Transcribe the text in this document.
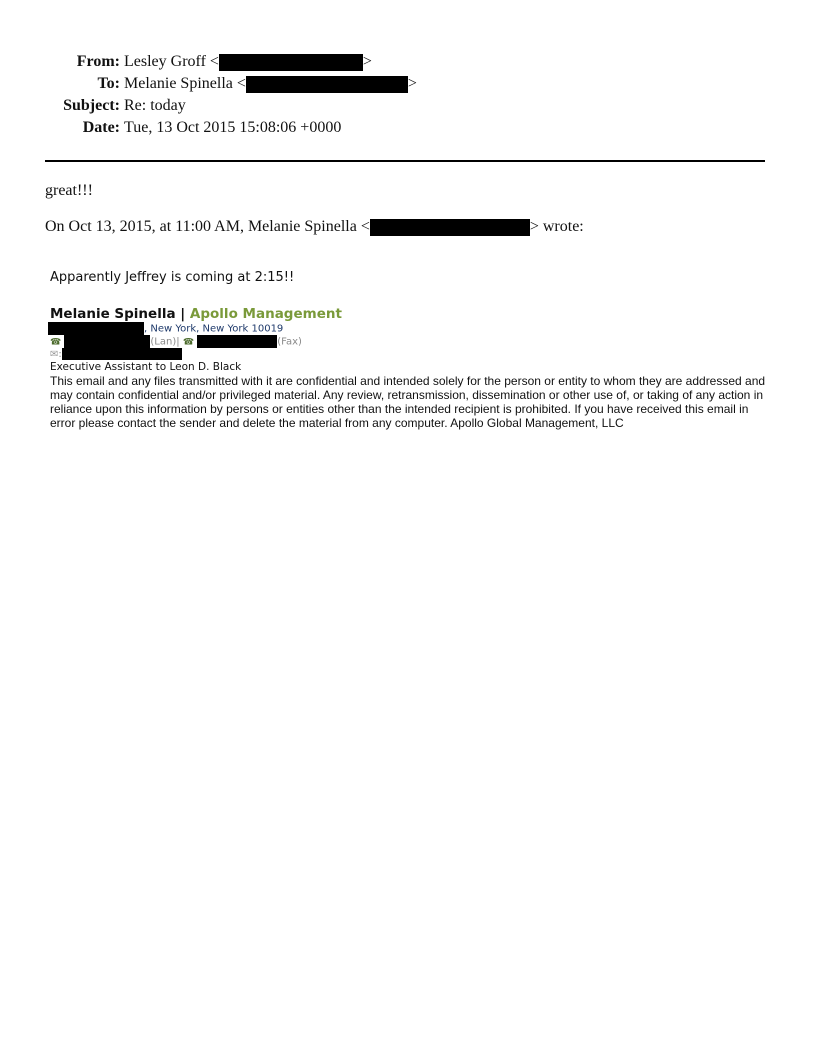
From: Lesley Groff <	>
To: Melanie Spinella <	>
Subject: Re: today
Date: Tue, 13 Oct 2015 15:08:06 +0000
great!!!
On Oct 13, 2015, at 11:00 AM, Melanie Spinella <	> wrote:
Apparently Jeffrey is coming at 2:15!!
Melanie Spinella | Apollo Management
, New York, New York 10019
☎	(Lan)| ☎	(Fax)
✉:
Executive Assistant to Leon D. Black
This email and any files transmitted with it are confidential and intended solely for the person or entity to whom they are addressed and may contain confidential and/or privileged material. Any review, retransmission, dissemination or other use of, or taking of any action in reliance upon this information by persons or entities other than the intended recipient is prohibited. If you have received this email in error please contact the sender and delete the material from any computer. Apollo Global Management, LLC
